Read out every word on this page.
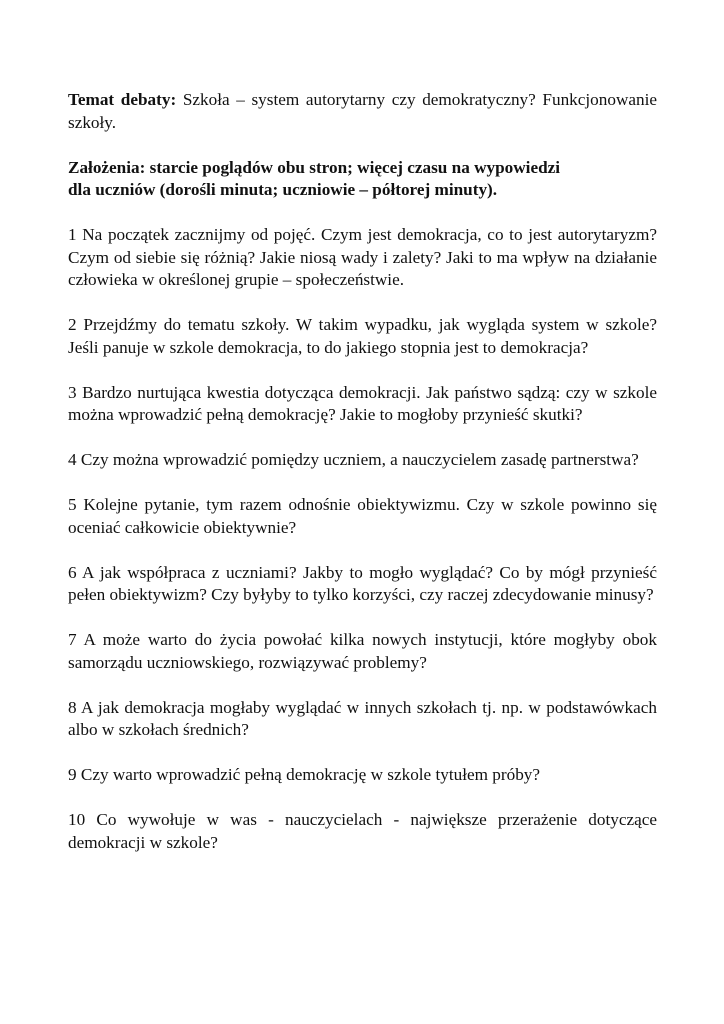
Temat debaty: Szkoła – system autorytarny czy demokratyczny? Funkcjonowanie szkoły.

Założenia: starcie poglądów obu stron; więcej czasu na wypowiedzi
dla uczniów (dorośli minuta; uczniowie – półtorej minuty).

1 Na początek zacznijmy od pojęć. Czym jest demokracja, co to jest autorytaryzm? Czym od siebie się różnią? Jakie niosą wady i zalety? Jaki to ma wpływ na działanie człowieka w określonej grupie – społeczeństwie.

2 Przejdźmy do tematu szkoły. W takim wypadku, jak wygląda system w szkole? Jeśli panuje w szkole demokracja, to do jakiego stopnia jest to demokracja?

3 Bardzo nurtująca kwestia dotycząca demokracji. Jak państwo sądzą: czy w szkole można wprowadzić pełną demokrację? Jakie to mogłoby przynieść skutki?

4 Czy można wprowadzić pomiędzy uczniem, a nauczycielem zasadę partnerstwa?

5 Kolejne pytanie, tym razem odnośnie obiektywizmu. Czy w szkole powinno się oceniać całkowicie obiektywnie?

6 A jak współpraca z uczniami? Jakby to mogło wyglądać? Co by mógł przynieść pełen obiektywizm? Czy byłyby to tylko korzyści, czy raczej zdecydowanie minusy?

7 A może warto do życia powołać kilka nowych instytucji, które mogłyby obok samorządu uczniowskiego, rozwiązywać problemy?

8 A jak demokracja mogłaby wyglądać w innych szkołach tj. np. w podstawówkach albo w szkołach średnich?

9 Czy warto wprowadzić pełną demokrację w szkole tytułem próby?

10 Co wywołuje w was - nauczycielach - największe przerażenie dotyczące demokracji w szkole?
